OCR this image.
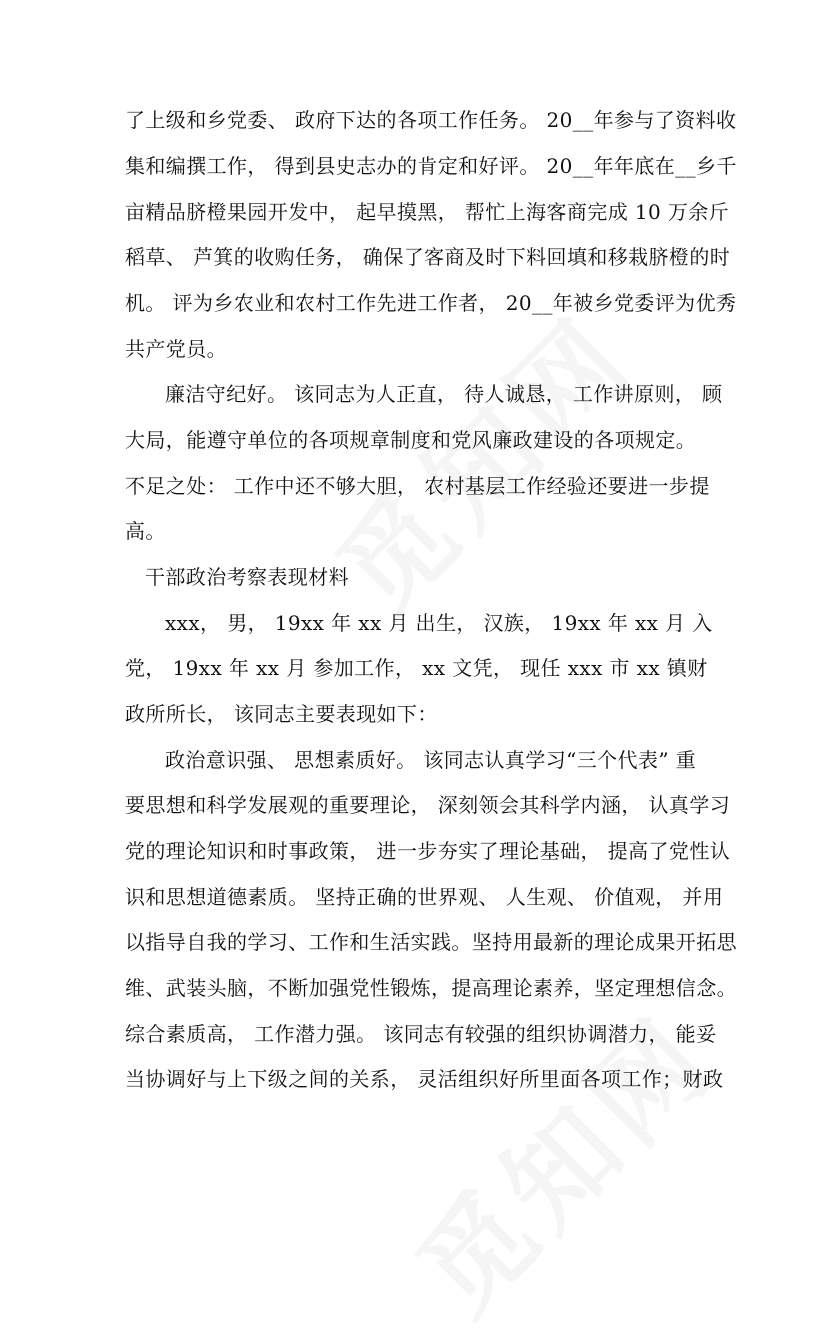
了上级和乡党委、 政府下达的各项工作任务。 20__年参与了资料收
集和编撰工作， 得到县史志办的肯定和好评。 20__年年底在__乡千
亩精品脐橙果园开发中， 起早摸黑， 帮忙上海客商完成 10 万余斤
稻草、 芦箕的收购任务， 确保了客商及时下料回填和移栽脐橙的时
机。 评为乡农业和农村工作先进工作者， 20__年被乡党委评为优秀
共产党员。
廉洁守纪好。 该同志为人正直， 待人诚恳， 工作讲原则， 顾
大局，能遵守单位的各项规章制度和党风廉政建设的各项规定。
不足之处： 工作中还不够大胆， 农村基层工作经验还要进一步提
高。
干部政治考察表现材料
xxx， 男， 19xx 年 xx 月 出生， 汉族， 19xx 年 xx 月 入
党， 19xx 年 xx 月 参加工作， xx 文凭， 现任 xxx 市 xx 镇财
政所所长， 该同志主要表现如下：
政治意识强、 思想素质好。 该同志认真学习“三个代表” 重
要思想和科学发展观的重要理论， 深刻领会其科学内涵， 认真学习
党的理论知识和时事政策， 进一步夯实了理论基础， 提高了党性认
识和思想道德素质。 坚持正确的世界观、 人生观、 价值观， 并用
以指导自我的学习、工作和生活实践。坚持用最新的理论成果开拓思
维、武装头脑，不断加强党性锻炼，提高理论素养，坚定理想信念。
综合素质高， 工作潜力强。 该同志有较强的组织协调潜力， 能妥
当协调好与上下级之间的关系， 灵活组织好所里面各项工作；财政
